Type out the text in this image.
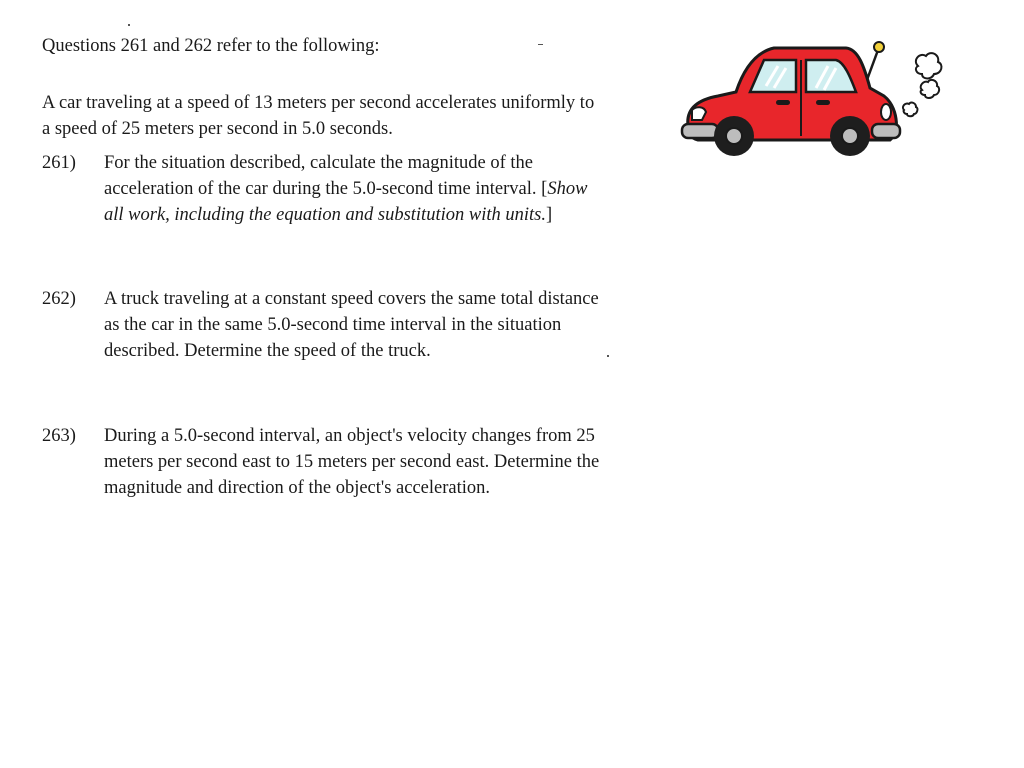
Questions 261 and 262 refer to the following:
A car traveling at a speed of 13 meters per second accelerates uniformly to a speed of 25 meters per second in 5.0 seconds.
261)	For the situation described, calculate the magnitude of the acceleration of the car during the 5.0-second time interval. [Show all work, including the equation and substitution with units.]
262)	A truck traveling at a constant speed covers the same total distance as the car in the same 5.0-second time interval in the situation described. Determine the speed of the truck.
263)	During a 5.0-second interval, an object's velocity changes from 25 meters per second east to 15 meters per second east. Determine the magnitude and direction of the object's acceleration.
